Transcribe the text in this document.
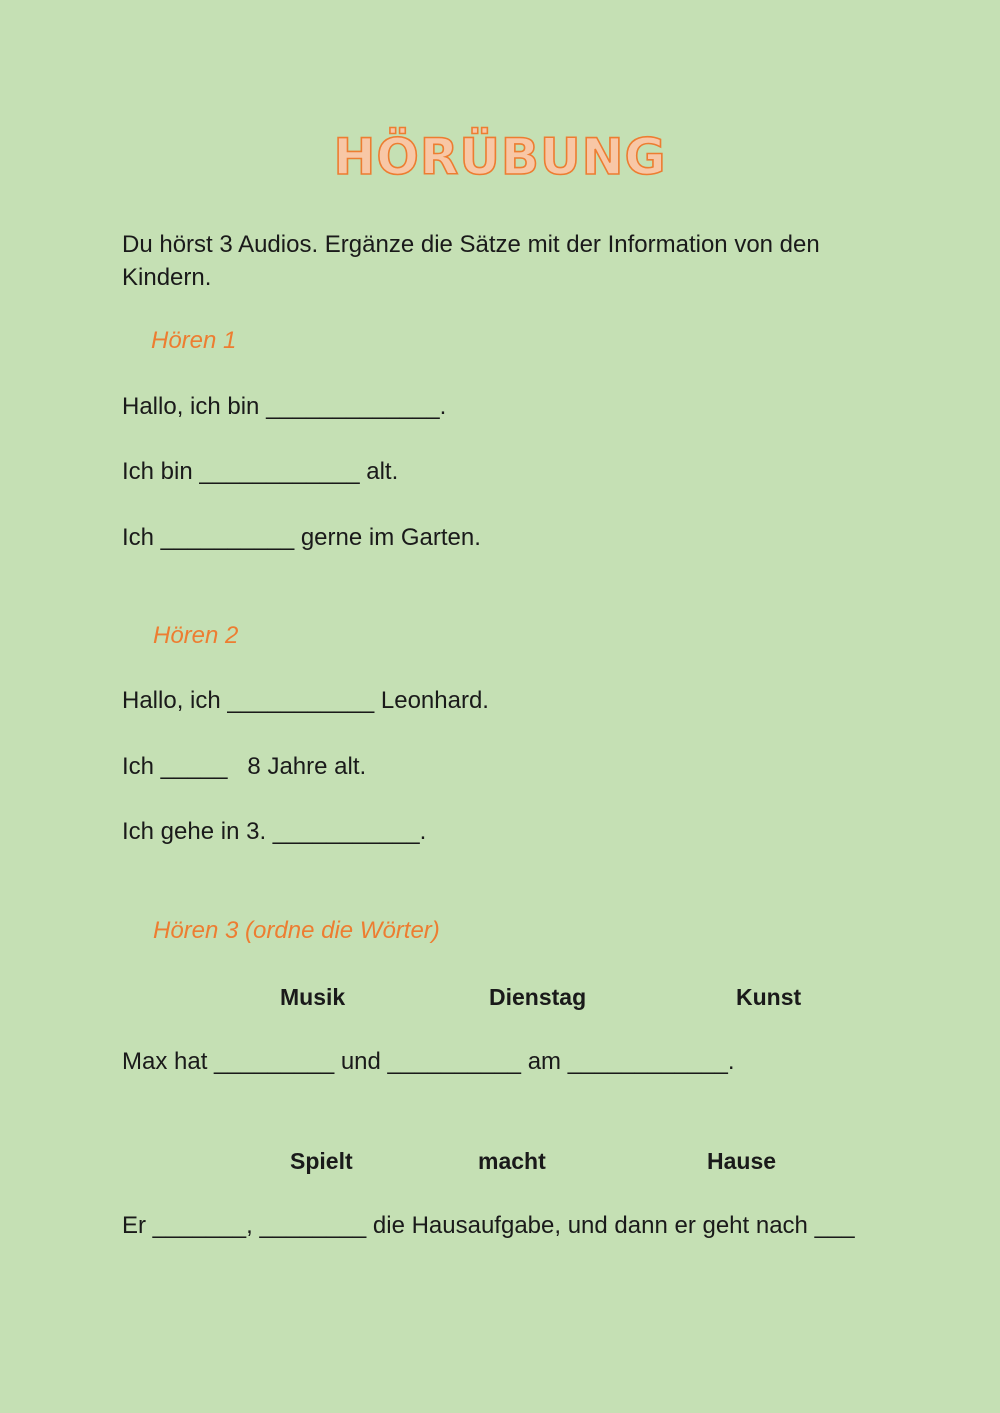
HÖRÜBUNG
Du hörst 3 Audios. Ergänze die Sätze mit der Information von den Kindern.
Hören 1
Hallo, ich bin _____________.
Ich bin ____________ alt.
Ich __________ gerne im Garten.
Hören 2
Hallo, ich ___________ Leonhard.
Ich _____   8 Jahre alt.
Ich gehe in 3. ___________.
Hören 3 (ordne die Wörter)
Musik	Dienstag	Kunst
Max hat _________ und __________ am ____________.
Spielt	macht	Hause
Er _______, ________ die Hausaufgabe, und dann er geht nach ___
